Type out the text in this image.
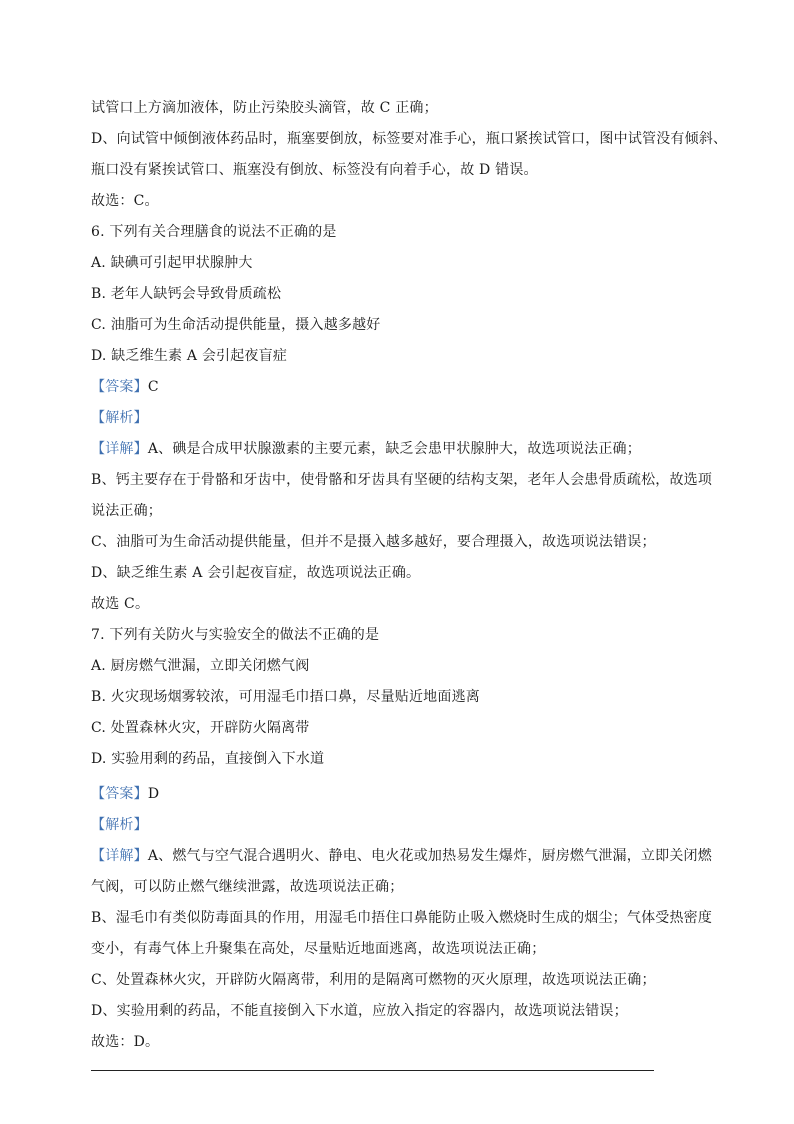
试管口上方滴加液体，防止污染胶头滴管，故 C 正确；
D、向试管中倾倒液体药品时，瓶塞要倒放，标签要对准手心，瓶口紧挨试管口，图中试管没有倾斜、
瓶口没有紧挨试管口、瓶塞没有倒放、标签没有向着手心，故 D 错误。
故选：C。
6. 下列有关合理膳食的说法不正确的是
A. 缺碘可引起甲状腺肿大
B. 老年人缺钙会导致骨质疏松
C. 油脂可为生命活动提供能量，摄入越多越好
D. 缺乏维生素 A 会引起夜盲症
【答案】C
【解析】
【详解】A、碘是合成甲状腺激素的主要元素，缺乏会患甲状腺肿大，故选项说法正确；
B、钙主要存在于骨骼和牙齿中，使骨骼和牙齿具有坚硬的结构支架，老年人会患骨质疏松，故选项
说法正确；
C、油脂可为生命活动提供能量，但并不是摄入越多越好，要合理摄入，故选项说法错误；
D、缺乏维生素 A 会引起夜盲症，故选项说法正确。
故选 C。
7. 下列有关防火与实验安全的做法不正确的是
A. 厨房燃气泄漏，立即关闭燃气阀
B. 火灾现场烟雾较浓，可用湿毛巾捂口鼻，尽量贴近地面逃离
C. 处置森林火灾，开辟防火隔离带
D. 实验用剩的药品，直接倒入下水道
【答案】D
【解析】
【详解】A、燃气与空气混合遇明火、静电、电火花或加热易发生爆炸，厨房燃气泄漏，立即关闭燃
气阀，可以防止燃气继续泄露，故选项说法正确；
B、湿毛巾有类似防毒面具的作用，用湿毛巾捂住口鼻能防止吸入燃烧时生成的烟尘；气体受热密度
变小，有毒气体上升聚集在高处，尽量贴近地面逃离，故选项说法正确；
C、处置森林火灾，开辟防火隔离带，利用的是隔离可燃物的灭火原理，故选项说法正确；
D、实验用剩的药品，不能直接倒入下水道，应放入指定的容器内，故选项说法错误；
故选：D。
